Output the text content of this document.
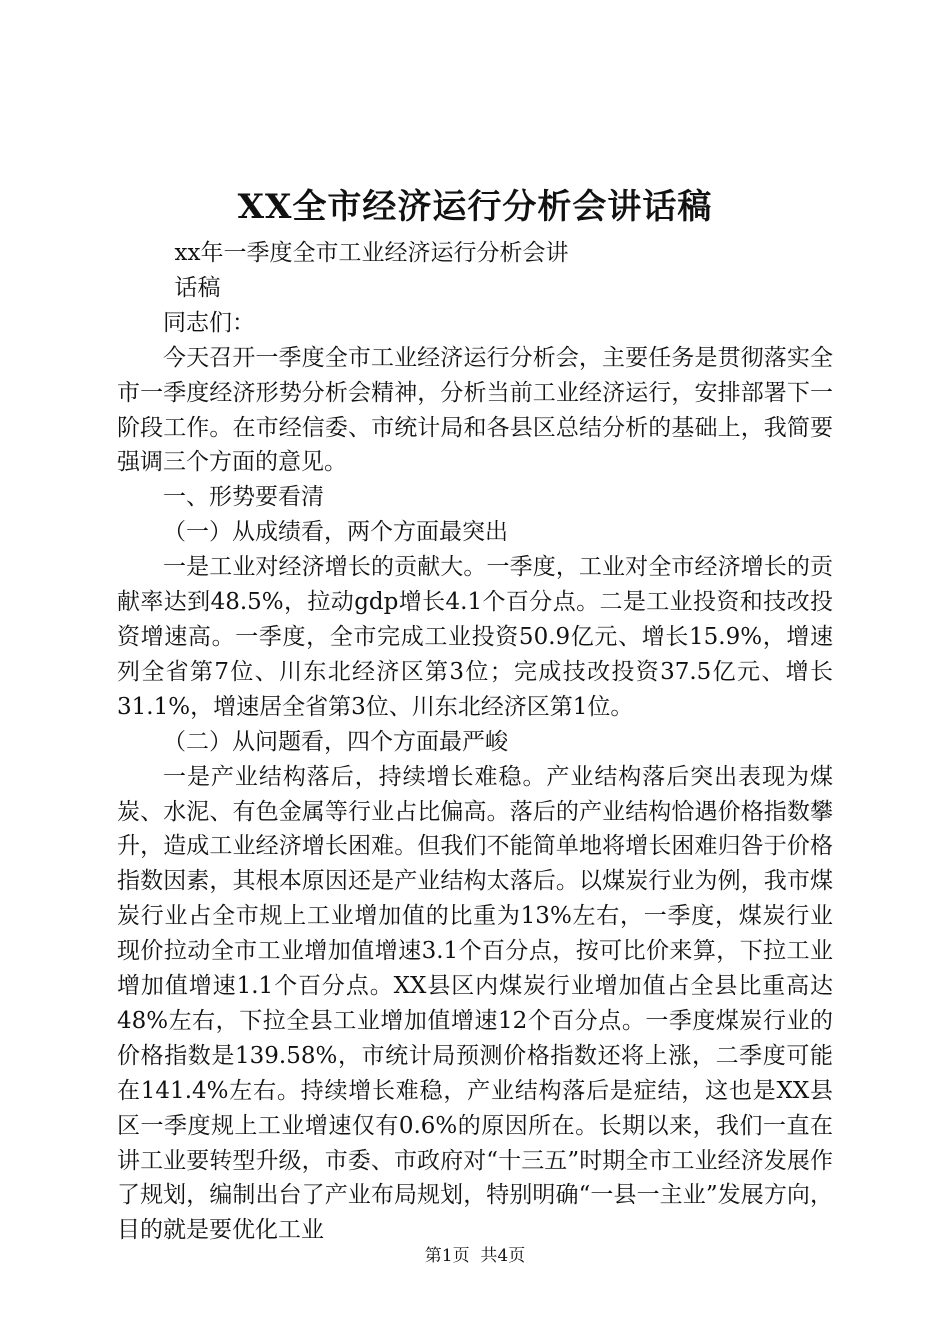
XX全市经济运行分析会讲话稿

xx年一季度全市工业经济运行分析会讲

话稿

同志们：

今天召开一季度全市工业经济运行分析会，主要任务是贯彻落实全市一季度经济形势分析会精神，分析当前工业经济运行，安排部署下一阶段工作。在市经信委、市统计局和各县区总结分析的基础上，我简要强调三个方面的意见。

一、形势要看清

（一）从成绩看，两个方面最突出

一是工业对经济增长的贡献大。一季度，工业对全市经济增长的贡献率达到48.5%，拉动gdp增长4.1个百分点。二是工业投资和技改投资增速高。一季度，全市完成工业投资50.9亿元、增长15.9%，增速列全省第7位、川东北经济区第3位；完成技改投资37.5亿元、增长31.1%，增速居全省第3位、川东北经济区第1位。

（二）从问题看，四个方面最严峻

一是产业结构落后，持续增长难稳。产业结构落后突出表现为煤炭、水泥、有色金属等行业占比偏高。落后的产业结构恰遇价格指数攀升，造成工业经济增长困难。但我们不能简单地将增长困难归咎于价格指数因素，其根本原因还是产业结构太落后。以煤炭行业为例，我市煤炭行业占全市规上工业增加值的比重为13%左右，一季度，煤炭行业现价拉动全市工业增加值增速3.1个百分点，按可比价来算，下拉工业增加值增速1.1个百分点。XX县区内煤炭行业增加值占全县比重高达48%左右，下拉全县工业增加值增速12个百分点。一季度煤炭行业的价格指数是139.58%，市统计局预测价格指数还将上涨，二季度可能在141.4%左右。持续增长难稳，产业结构落后是症结，这也是XX县区一季度规上工业增速仅有0.6%的原因所在。长期以来，我们一直在讲工业要转型升级，市委、市政府对“十三五”时期全市工业经济发展作了规划，编制出台了产业布局规划，特别明确“一县一主业”发展方向，目的就是要优化工业

第1页  共4页
